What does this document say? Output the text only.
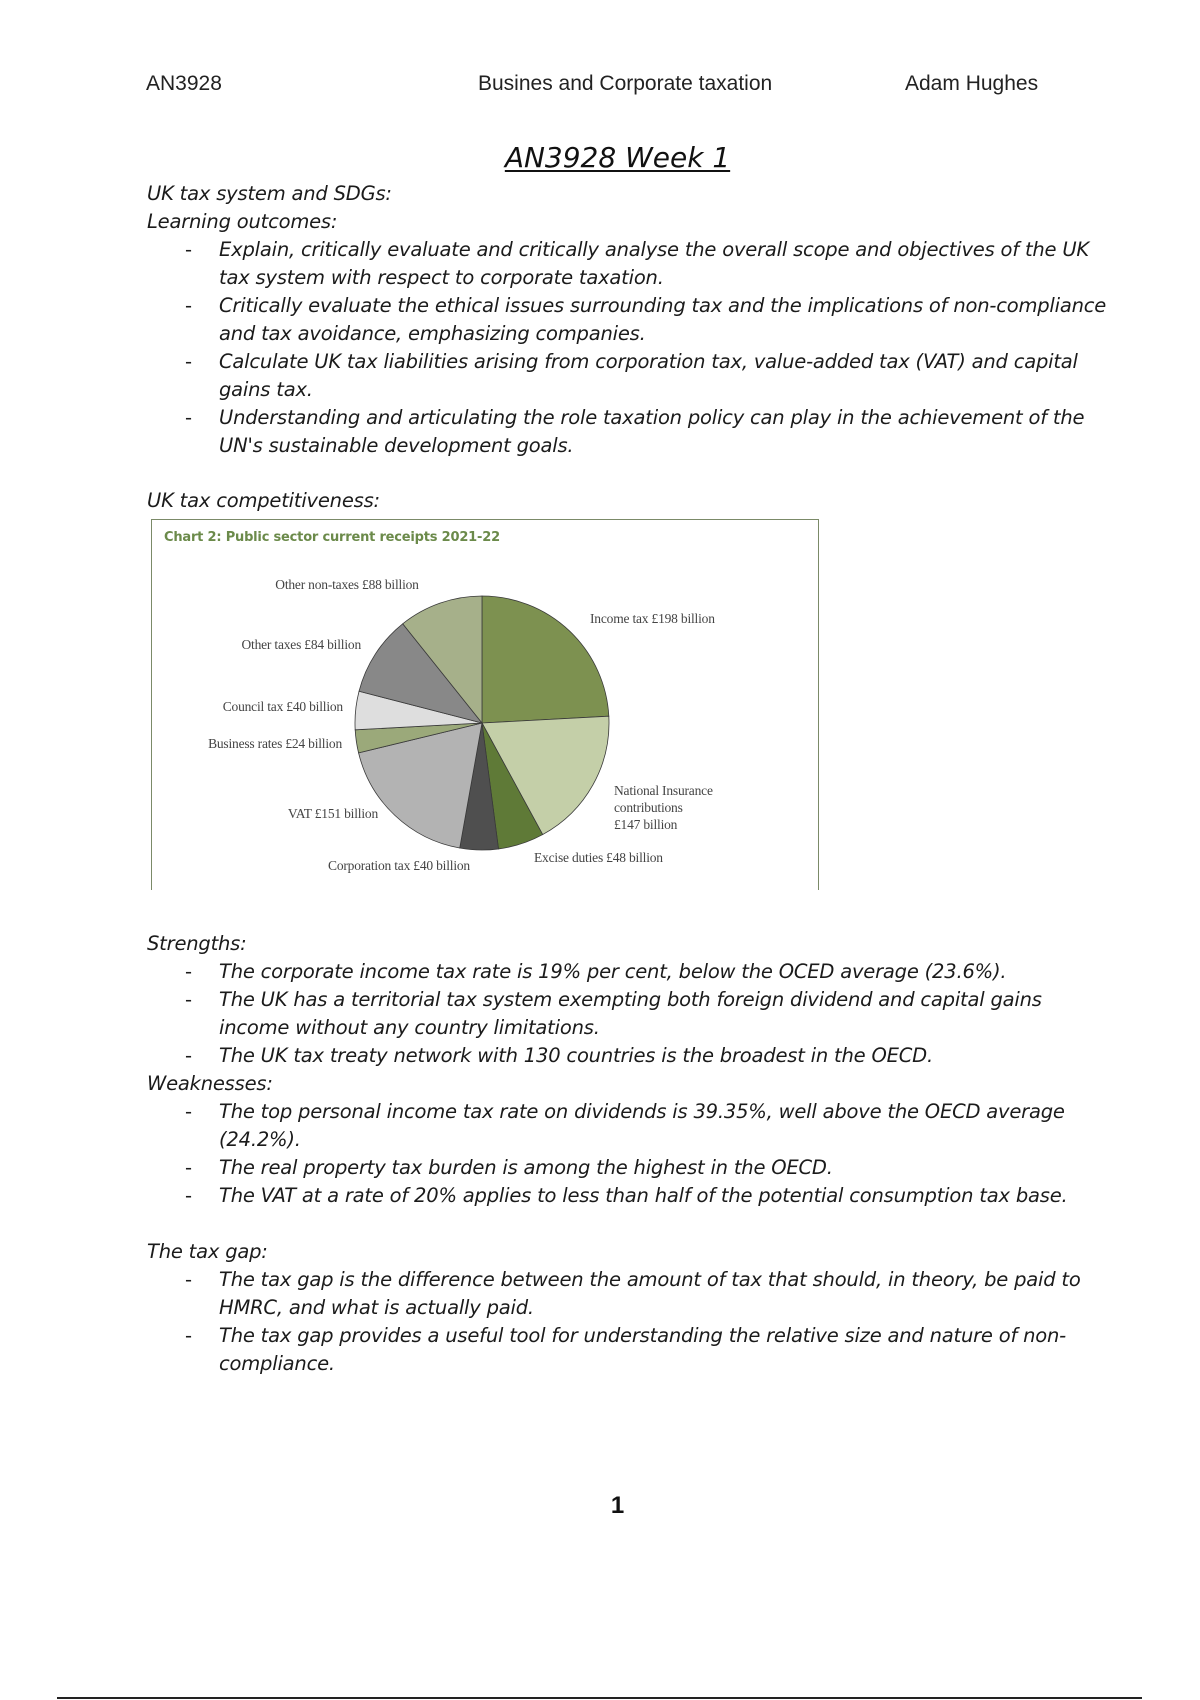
AN3928	Busines and Corporate taxation	Adam Hughes
AN3928 Week 1

UK tax system and SDGs:

Learning outcomes:

- Explain, critically evaluate and critically analyse the overall scope and objectives of the UK tax system with respect to corporate taxation.
- Critically evaluate the ethical issues surrounding tax and the implications of non-compliance and tax avoidance, emphasizing companies.
- Calculate UK tax liabilities arising from corporation tax, value-added tax (VAT) and capital gains tax.
- Understanding and articulating the role taxation policy can play in the achievement of the UN's sustainable development goals.

UK tax competitiveness:

Chart 2: Public sector current receipts 2021-22
Income tax £198 billion
National Insurance contributions £147 billion
Excise duties £48 billion
Corporation tax £40 billion
VAT £151 billion
Business rates £24 billion
Council tax £40 billion
Other taxes £84 billion
Other non-taxes £88 billion

Strengths:

- The corporate income tax rate is 19% per cent, below the OCED average (23.6%).
- The UK has a territorial tax system exempting both foreign dividend and capital gains income without any country limitations.
- The UK tax treaty network with 130 countries is the broadest in the OECD.

Weaknesses:

- The top personal income tax rate on dividends is 39.35%, well above the OECD average (24.2%).
- The real property tax burden is among the highest in the OECD.
- The VAT at a rate of 20% applies to less than half of the potential consumption tax base.

The tax gap:

- The tax gap is the difference between the amount of tax that should, in theory, be paid to HMRC, and what is actually paid.
- The tax gap provides a useful tool for understanding the relative size and nature of non-compliance.
1
